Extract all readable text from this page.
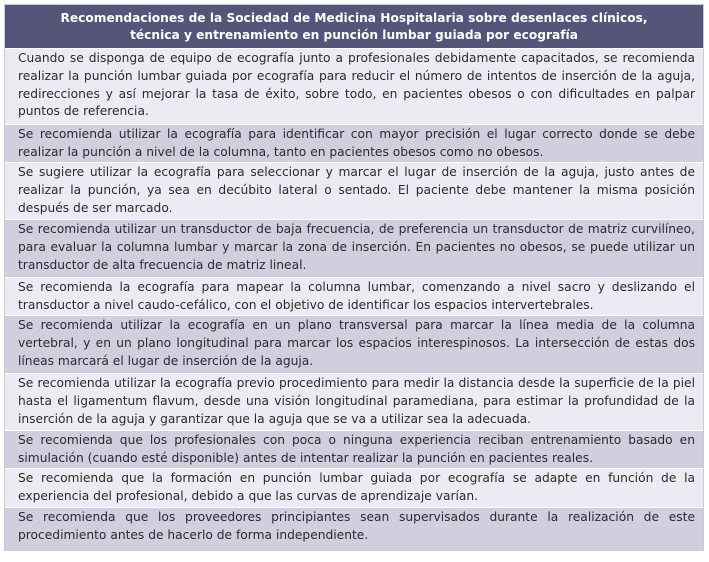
Recomendaciones de la Sociedad de Medicina Hospitalaria sobre desenlaces clínicos,
técnica y entrenamiento en punción lumbar guiada por ecografía
Cuando se disponga de equipo de ecografía junto a profesionales debidamente capacitados, se recomienda realizar la punción lumbar guiada por ecografía para reducir el número de intentos de inserción de la aguja, redirecciones y así mejorar la tasa de éxito, sobre todo, en pacientes obesos o con dificultades en palpar puntos de referencia.
Se recomienda utilizar la ecografía para identificar con mayor precisión el lugar correcto donde se debe realizar la punción a nivel de la columna, tanto en pacientes obesos como no obesos.
Se sugiere utilizar la ecografía para seleccionar y marcar el lugar de inserción de la aguja, justo antes de realizar la punción, ya sea en decúbito lateral o sentado. El paciente debe mantener la misma posición después de ser marcado.
Se recomienda utilizar un transductor de baja frecuencia, de preferencia un transductor de matriz curvilíneo, para evaluar la columna lumbar y marcar la zona de inserción. En pacientes no obesos, se puede utilizar un transductor de alta frecuencia de matriz lineal.
Se recomienda la ecografía para mapear la columna lumbar, comenzando a nivel sacro y deslizando el transductor a nivel caudo-cefálico, con el objetivo de identificar los espacios intervertebrales.
Se recomienda utilizar la ecografía en un plano transversal para marcar la línea media de la columna vertebral, y en un plano longitudinal para marcar los espacios interespinosos. La intersección de estas dos líneas marcará el lugar de inserción de la aguja.
Se recomienda utilizar la ecografía previo procedimiento para medir la distancia desde la superficie de la piel hasta el ligamentum flavum, desde una visión longitudinal paramediana, para estimar la profundidad de la inserción de la aguja y garantizar que la aguja que se va a utilizar sea la adecuada.
Se recomienda que los profesionales con poca o ninguna experiencia reciban entrenamiento basado en simulación (cuando esté disponible) antes de intentar realizar la punción en pacientes reales.
Se recomienda que la formación en punción lumbar guiada por ecografía se adapte en función de la experiencia del profesional, debido a que las curvas de aprendizaje varían.
Se recomienda que los proveedores principiantes sean supervisados durante la realización de este procedimiento antes de hacerlo de forma independiente.
